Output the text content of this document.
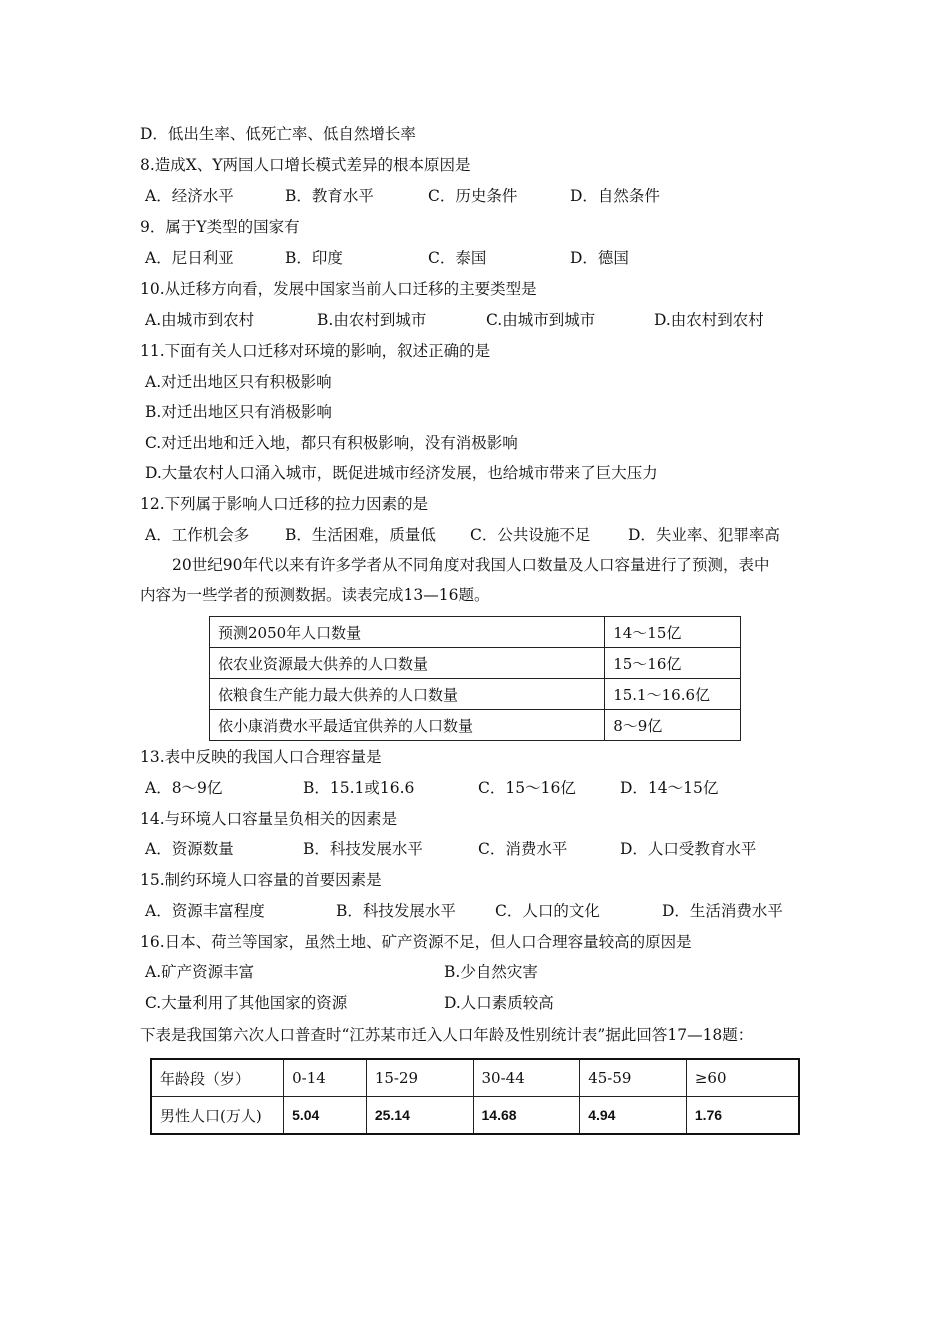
D．低出生率、低死亡率、低自然增长率
8.造成X、Y两国人口增长模式差异的根本原因是
A．经济水平	B．教育水平	C．历史条件	D．自然条件
9．属于Y类型的国家有
A．尼日利亚	B．印度	C．泰国	D．德国
10.从迁移方向看，发展中国家当前人口迁移的主要类型是
A.由城市到农村	B.由农村到城市	C.由城市到城市	D.由农村到农村
11.下面有关人口迁移对环境的影响，叙述正确的是
A.对迁出地区只有积极影响
B.对迁出地区只有消极影响
C.对迁出地和迁入地，都只有积极影响，没有消极影响
D.大量农村人口涌入城市，既促进城市经济发展，也给城市带来了巨大压力
12.下列属于影响人口迁移的拉力因素的是
A．工作机会多 B．生活困难，质量低 C．公共设施不足 D．失业率、犯罪率高
20世纪90年代以来有许多学者从不同角度对我国人口数量及人口容量进行了预测，表中
内容为一些学者的预测数据。读表完成13—16题。
预测2050年人口数量	14～15亿
依农业资源最大供养的人口数量	15～16亿
依粮食生产能力最大供养的人口数量	15.1～16.6亿
依小康消费水平最适宜供养的人口数量	8～9亿
13.表中反映的我国人口合理容量是
A．8～9亿	B．15.1或16.6	C．15～16亿	D．14～15亿
14.与环境人口容量呈负相关的因素是
A．资源数量	B．科技发展水平	C．消费水平	D．人口受教育水平
15.制约环境人口容量的首要因素是
A．资源丰富程度	B．科技发展水平	C．人口的文化	D．生活消费水平
16.日本、荷兰等国家，虽然土地、矿产资源不足，但人口合理容量较高的原因是
A.矿产资源丰富	B.少自然灾害
C.大量利用了其他国家的资源	D.人口素质较高
下表是我国第六次人口普查时“江苏某市迁入人口年龄及性别统计表”据此回答17—18题：
年龄段（岁）	0-14	15-29	30-44	45-59	≥60
男性人口(万人)	5.04	25.14	14.68	4.94	1.76
